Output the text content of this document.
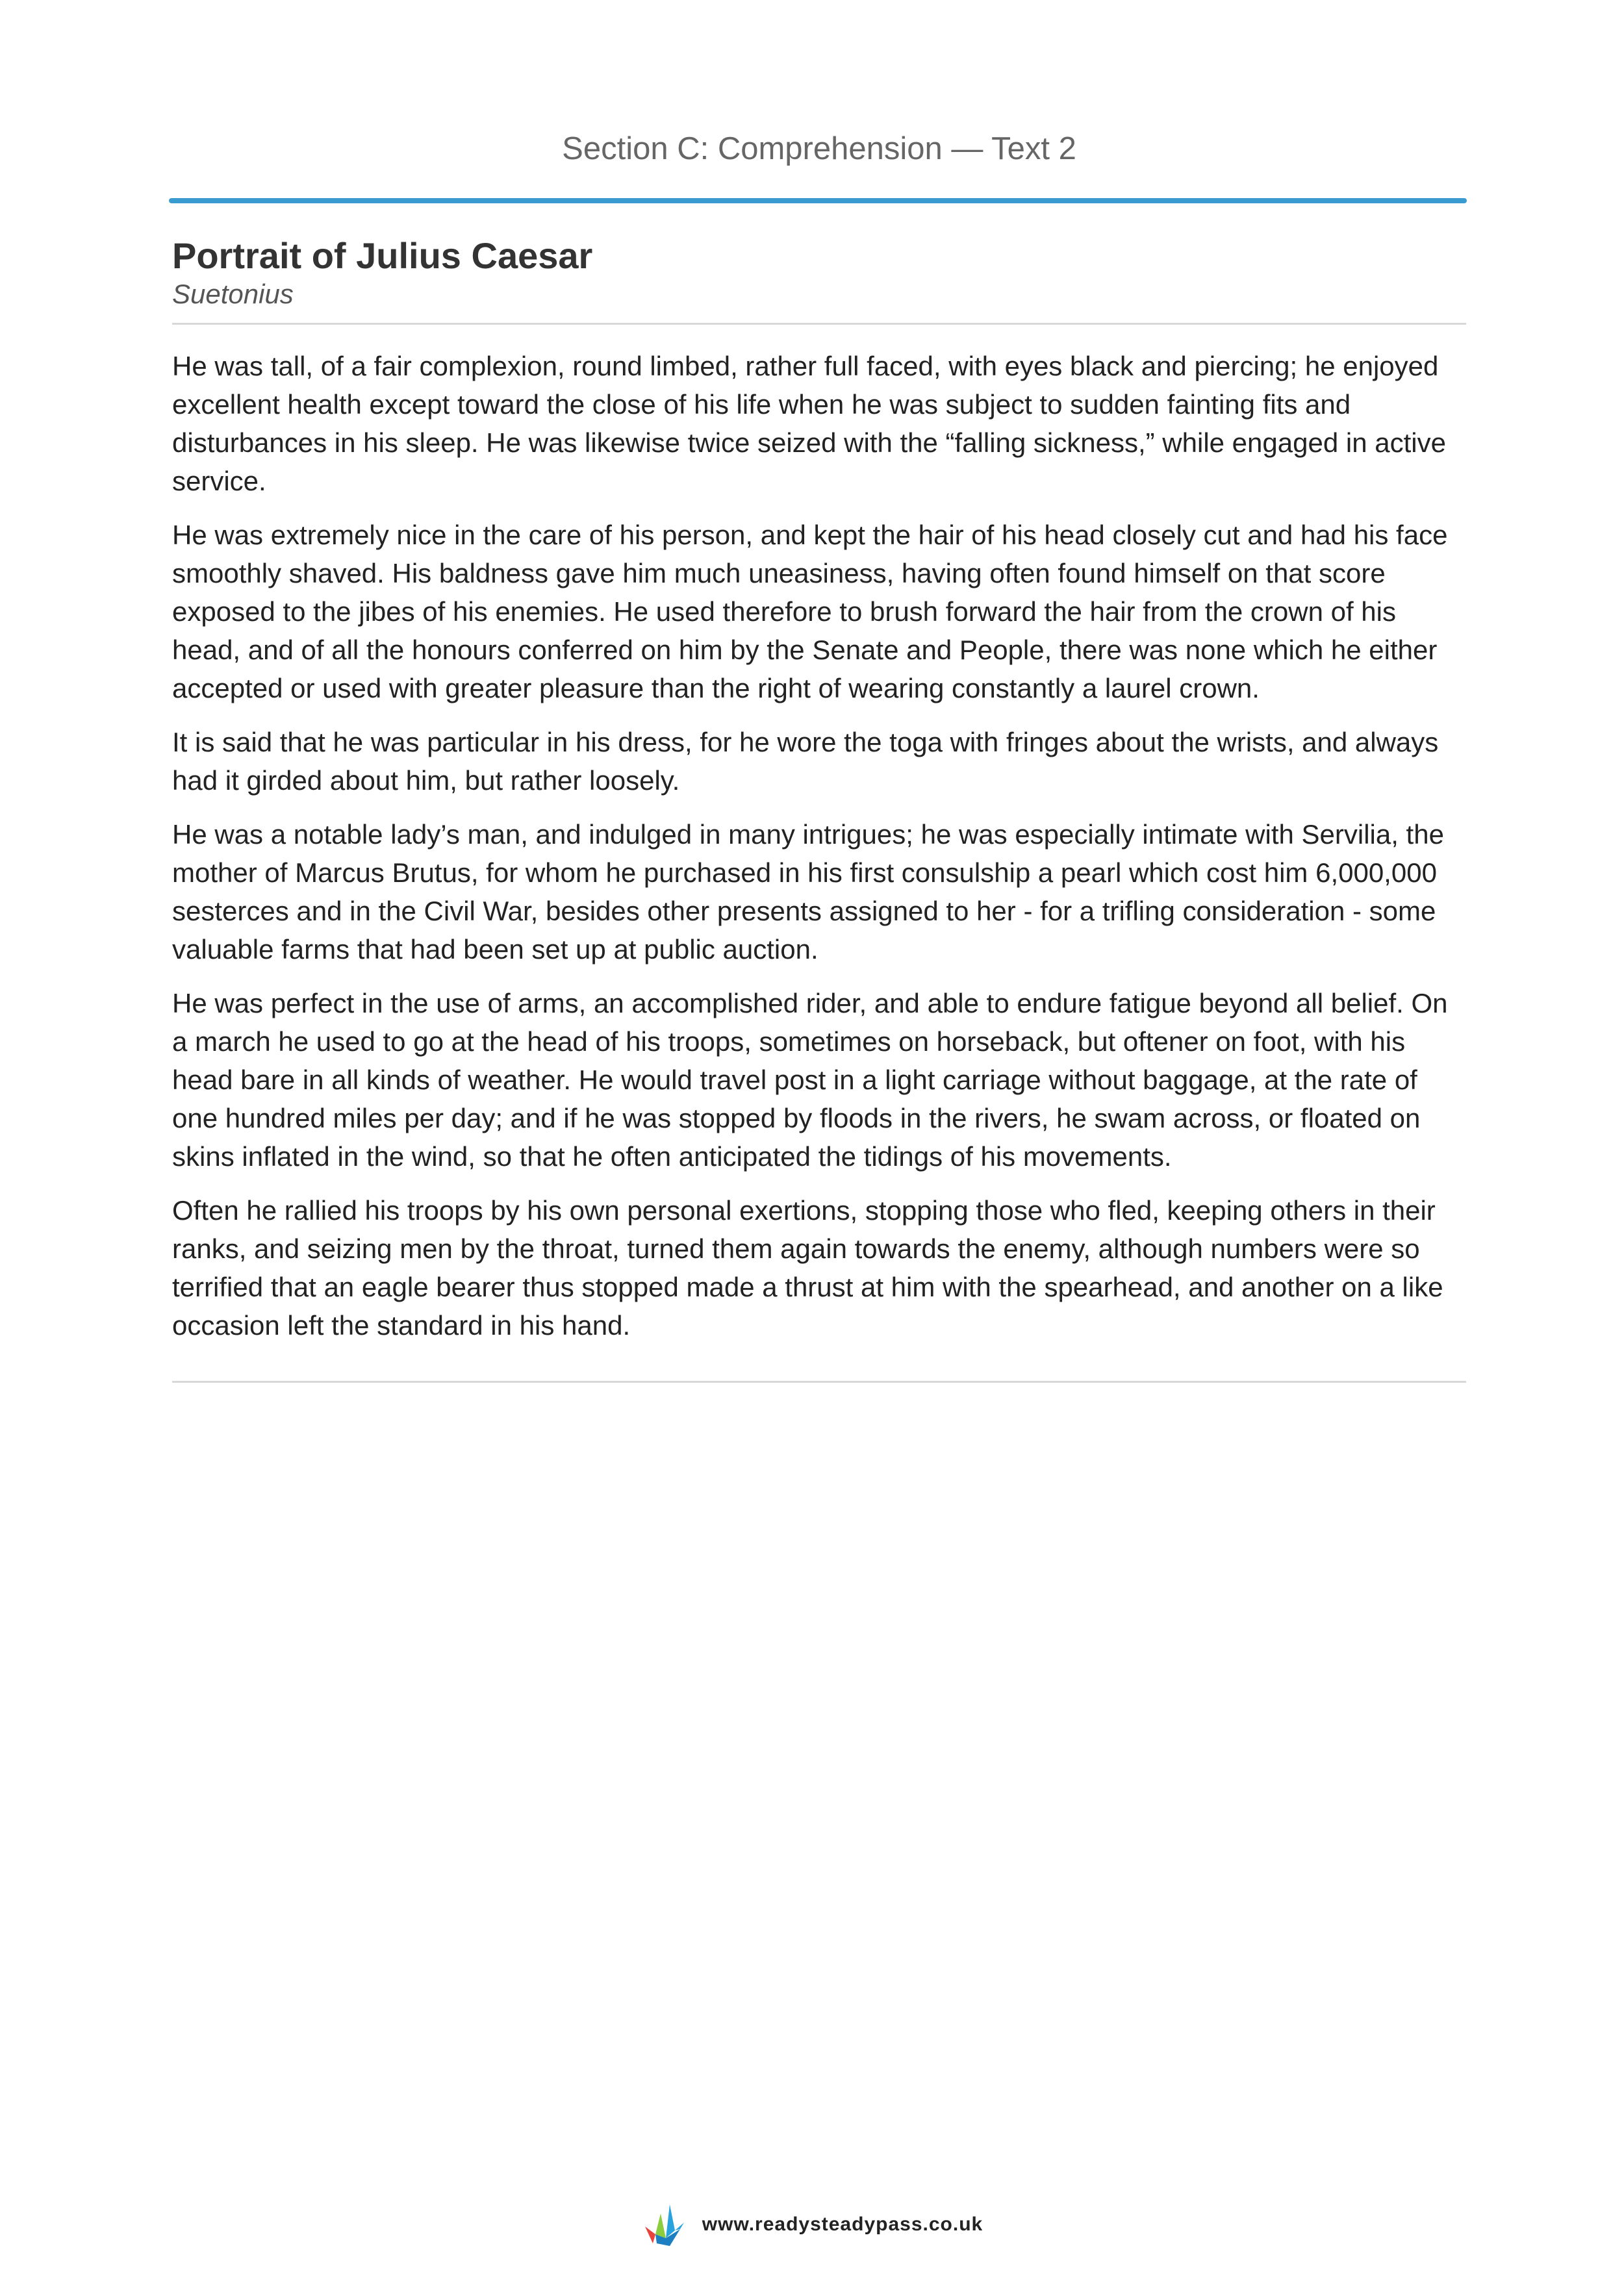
Section C: Comprehension — Text 2
Portrait of Julius Caesar
Suetonius

He was tall, of a fair complexion, round limbed, rather full faced, with eyes black and piercing; he enjoyed excellent health except toward the close of his life when he was subject to sudden fainting fits and disturbances in his sleep. He was likewise twice seized with the “falling sickness,” while engaged in active service.

He was extremely nice in the care of his person, and kept the hair of his head closely cut and had his face smoothly shaved. His baldness gave him much uneasiness, having often found himself on that score exposed to the jibes of his enemies. He used therefore to brush forward the hair from the crown of his head, and of all the honours conferred on him by the Senate and People, there was none which he either accepted or used with greater pleasure than the right of wearing constantly a laurel crown.

It is said that he was particular in his dress, for he wore the toga with fringes about the wrists, and always had it girded about him, but rather loosely.

He was a notable lady’s man, and indulged in many intrigues; he was especially intimate with Servilia, the mother of Marcus Brutus, for whom he purchased in his first consulship a pearl which cost him 6,000,000 sesterces and in the Civil War, besides other presents assigned to her - for a trifling consideration - some valuable farms that had been set up at public auction.

He was perfect in the use of arms, an accomplished rider, and able to endure fatigue beyond all belief. On a march he used to go at the head of his troops, sometimes on horseback, but oftener on foot, with his head bare in all kinds of weather. He would travel post in a light carriage without baggage, at the rate of one hundred miles per day; and if he was stopped by floods in the rivers, he swam across, or floated on skins inflated in the wind, so that he often anticipated the tidings of his movements.

Often he rallied his troops by his own personal exertions, stopping those who fled, keeping others in their ranks, and seizing men by the throat, turned them again towards the enemy, although numbers were so terrified that an eagle bearer thus stopped made a thrust at him with the spearhead, and another on a like occasion left the standard in his hand.

www.readysteadypass.co.uk
